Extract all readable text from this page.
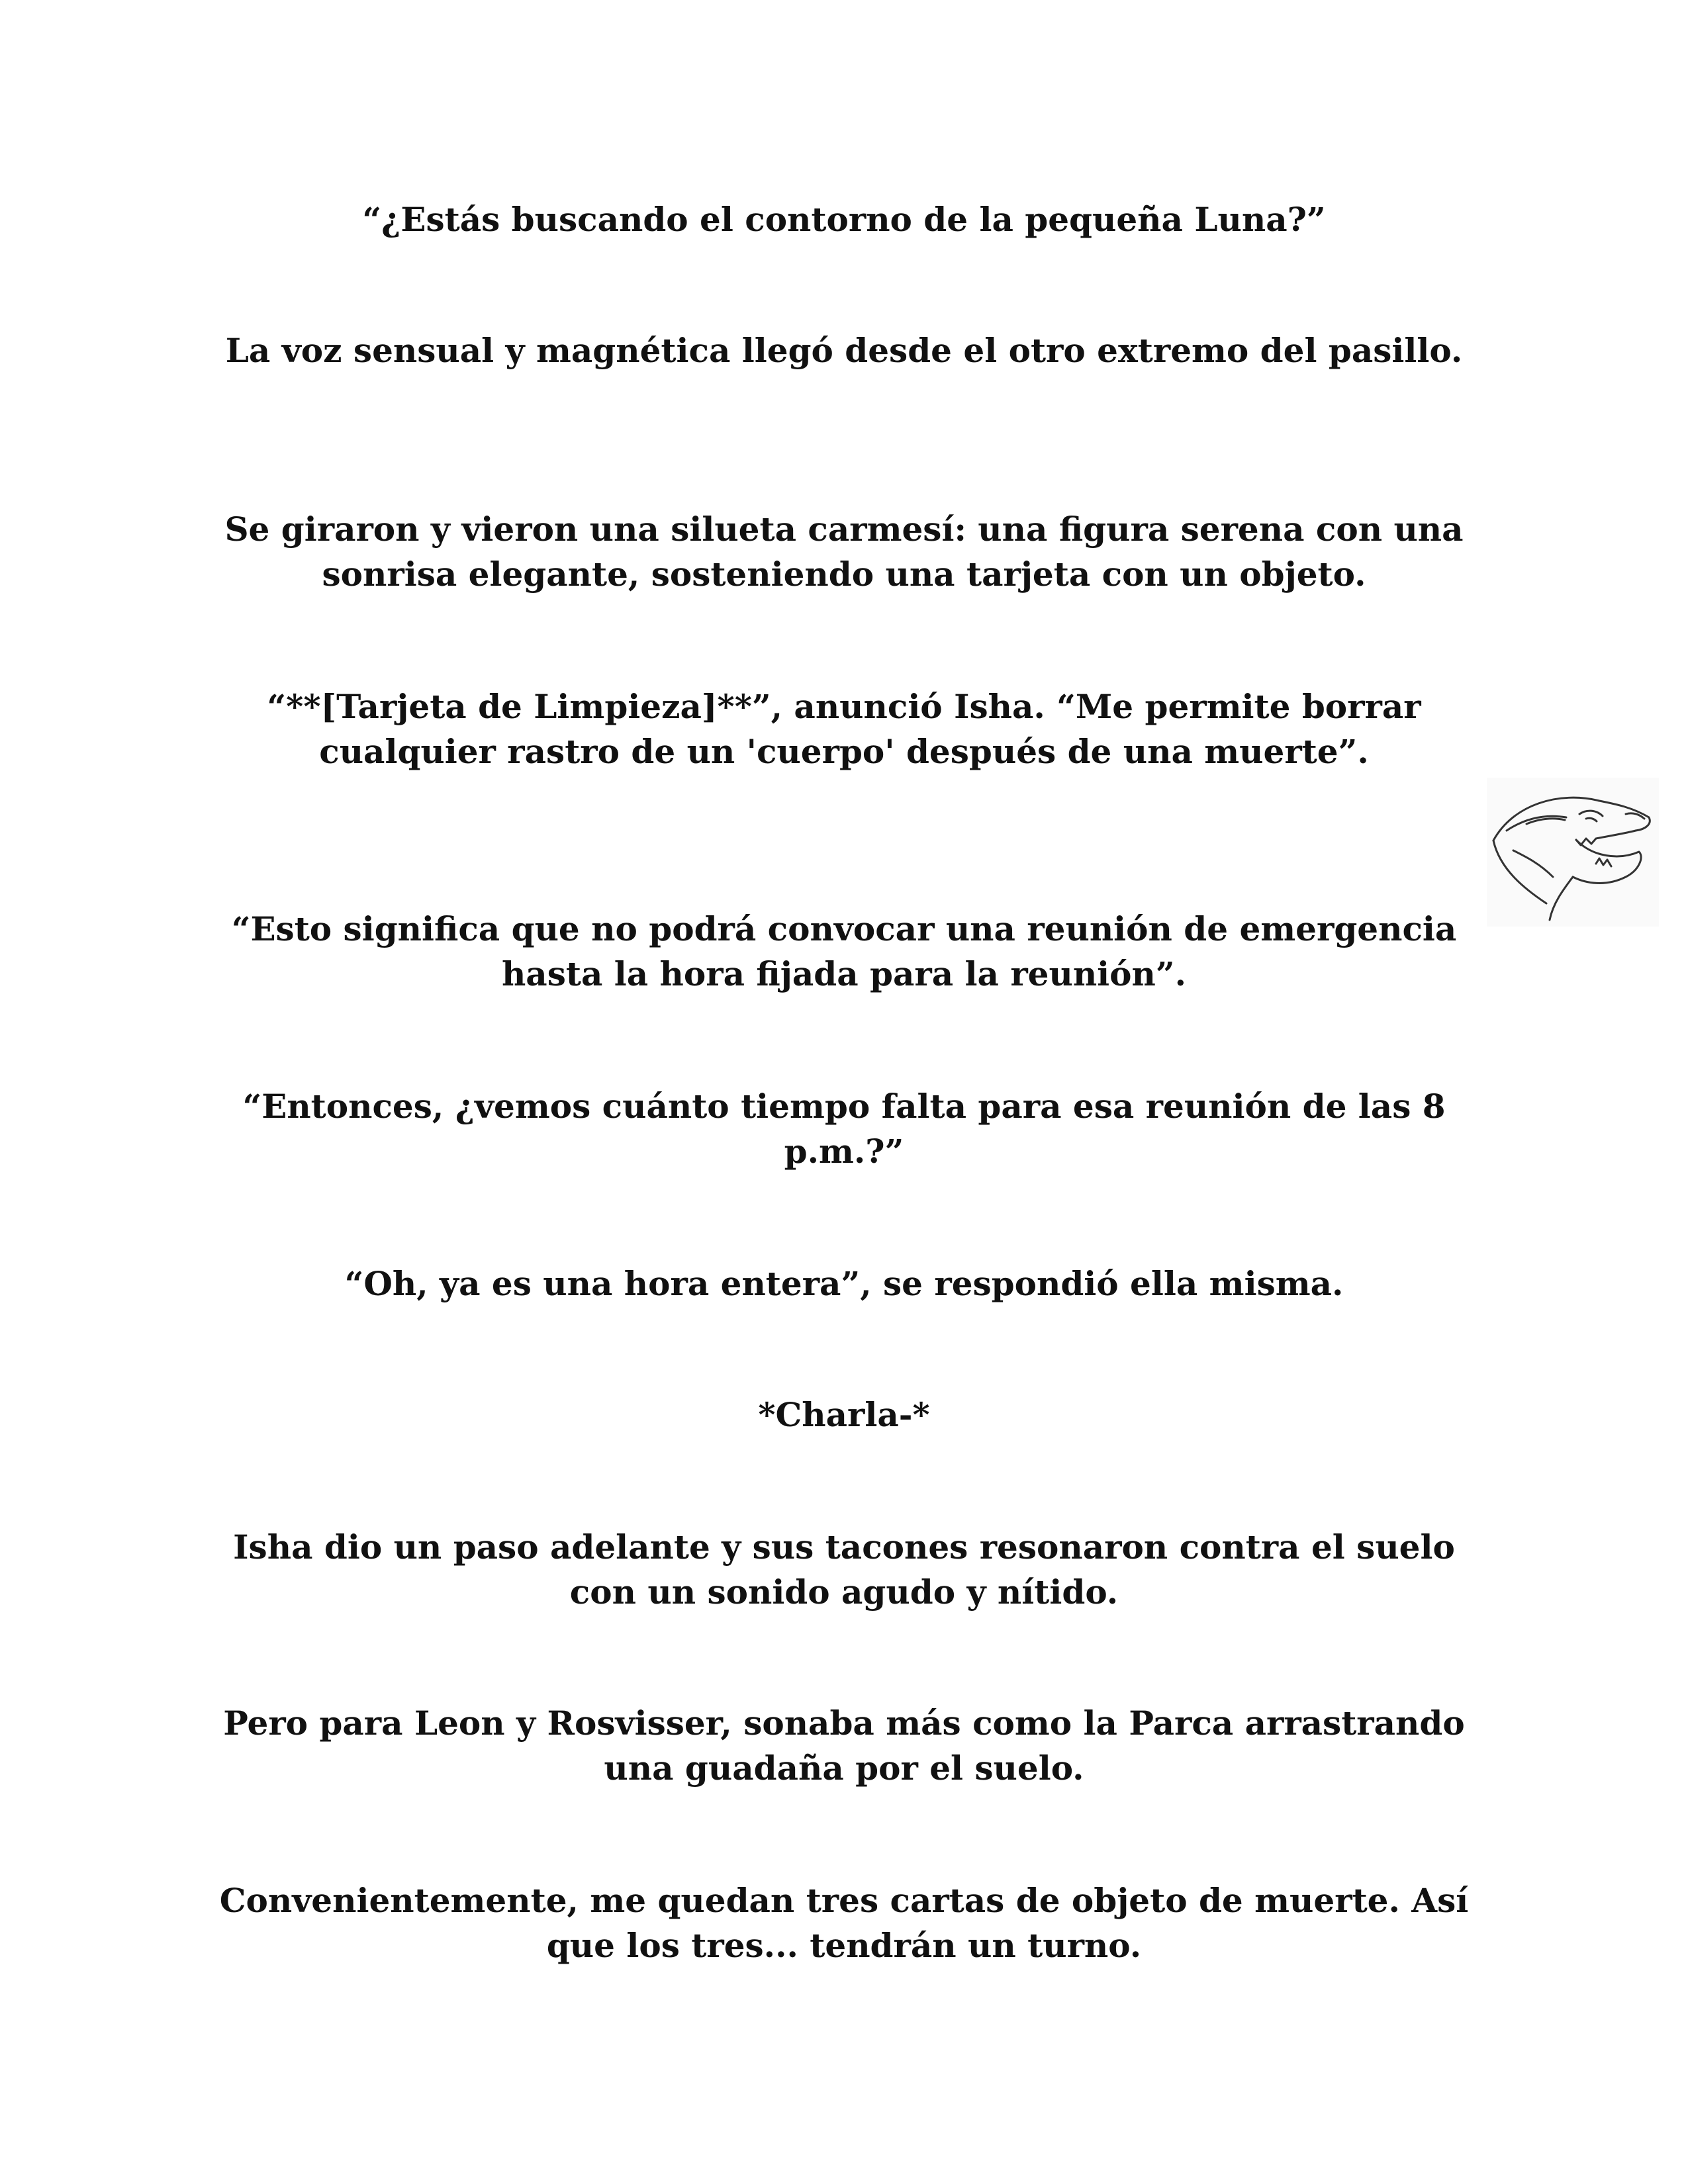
“¿Estás buscando el contorno de la pequeña Luna?”

La voz sensual y magnética llegó desde el otro extremo del pasillo.

Se giraron y vieron una silueta carmesí: una figura serena con una sonrisa elegante, sosteniendo una tarjeta con un objeto.

“**[Tarjeta de Limpieza]**”, anunció Isha. “Me permite borrar cualquier rastro de un 'cuerpo' después de una muerte”.

“Esto significa que no podrá convocar una reunión de emergencia hasta la hora fijada para la reunión”.

“Entonces, ¿vemos cuánto tiempo falta para esa reunión de las 8 p.m.?”

“Oh, ya es una hora entera”, se respondió ella misma.

*Charla-*

Isha dio un paso adelante y sus tacones resonaron contra el suelo con un sonido agudo y nítido.

Pero para Leon y Rosvisser, sonaba más como la Parca arrastrando una guadaña por el suelo.

Convenientemente, me quedan tres cartas de objeto de muerte. Así que los tres... tendrán un turno.
